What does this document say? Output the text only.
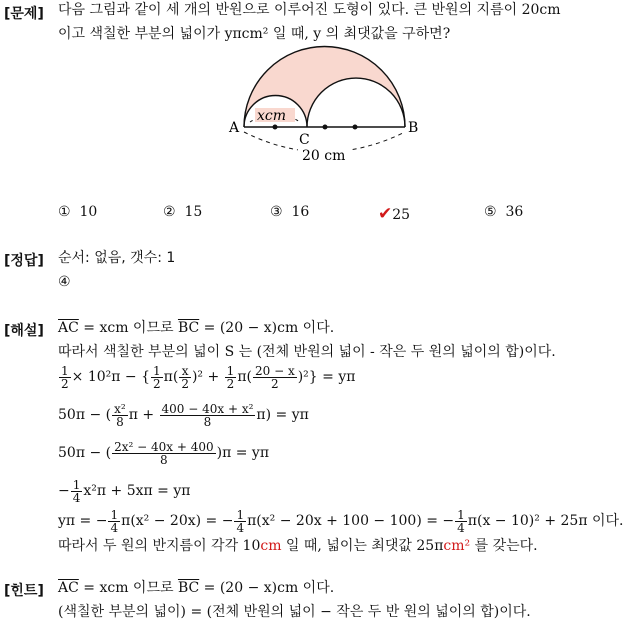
[문제] 다음 그림과 같이 세 개의 반원으로 이루어진 도형이 있다. 큰 반원의 지름이 20cm
이고 색칠한 부분의 넓이가 yπcm² 일 때, y 의 최댓값을 구하면?
xcm
A	B
C
20 cm
① 10	② 15	③ 16	✔25	⑤ 36
[정답] 순서: 없음, 갯수: 1
④
[해설] $\overline{AC}$ = xcm 이므로 $\overline{BC} = (20 - x)cm$ 이다.
따라서 색칠한 부분의 넓이 S 는 (전체 반원의 넓이 - 작은 두 원의 넓이의 합)이다.
$\frac{1}{2} \times 10^2\pi$ − { $\frac{1}{2} \pi( \frac{x}{2} )^2 + \frac{1}{2} \pi( \frac{20 - x}{2} )^2\} = y\pi$
50π − ( $\frac{\text{x²}}{8}$ $\pi + \frac{\text{400 − 40x + x²}}{8} \pi) = y\pi$
50π − ( $\frac{\text{2x² − 40x + 400}}{8} )\pi = y\pi$
− $\frac{1}{4} x^2\pi + 5x\pi = y\pi$
yπ = − $\frac{1}{4} \pi(x^2 - 20x)$ = − $\frac{1}{4} \pi(x^2 - 20x + 100 - 100)$ = − $\frac{1}{4} \pi(x - 10)^2 + 25\pi$ 이다.
따라서 두 원의 반지름이 각각 10cm 일 때, 넓이는 최댓값 25πcm² 를 갖는다.
[힌트] $\overline{AC}$ = xcm 이므로 $\overline{BC} = (20 - x)cm$ 이다.
(색칠한 부분의 넓이) = (전체 반원의 넓이 − 작은 두 반 원의 넓이의 합)이다.
